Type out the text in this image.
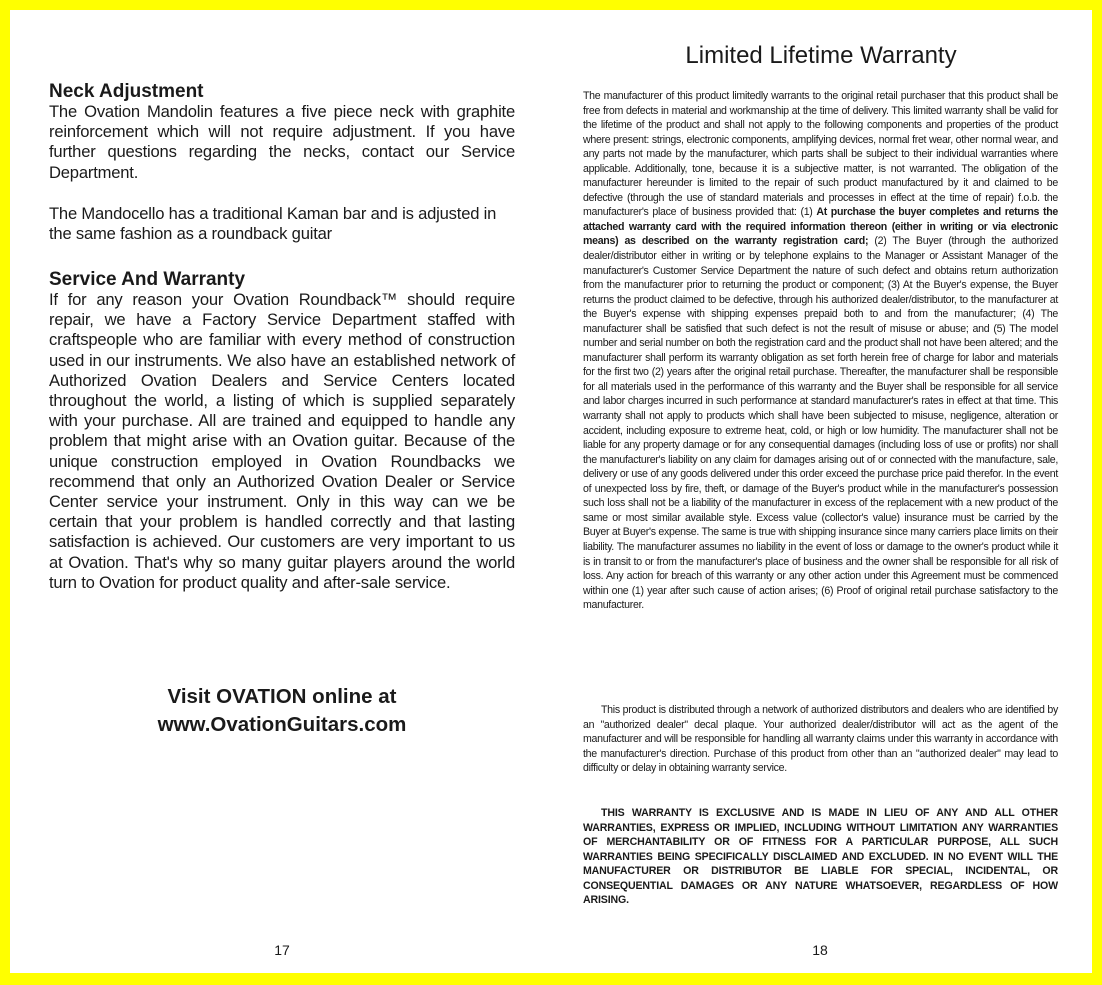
Neck Adjustment

The Ovation Mandolin features a five piece neck with graphite reinforcement which will not require adjustment. If you have further questions regarding the necks, contact our Service Department.

The Mandocello has a traditional Kaman bar and is adjusted in the same fashion as a roundback guitar

Service And Warranty

If for any reason your Ovation Roundback™ should require repair, we have a Factory Service Department staffed with craftspeople who are familiar with every method of construction used in our instruments. We also have an established network of Authorized Ovation Dealers and Service Centers located throughout the world, a listing of which is supplied separately with your purchase. All are trained and equipped to handle any problem that might arise with an Ovation guitar. Because of the unique construction employed in Ovation Roundbacks we recommend that only an Authorized Ovation Dealer or Service Center service your instrument. Only in this way can we be certain that your problem is handled correctly and that lasting satisfaction is achieved. Our customers are very important to us at Ovation. That's why so many guitar players around the world turn to Ovation for product quality and after-sale service.

Visit OVATION online at
www.OvationGuitars.com
17
Limited Lifetime Warranty

The manufacturer of this product limitedly warrants to the original retail purchaser that this product shall be free from defects in material and workmanship at the time of delivery. This limited warranty shall be valid for the lifetime of the product and shall not apply to the following components and properties of the product where present: strings, electronic components, amplifying devices, normal fret wear, other normal wear, and any parts not made by the manufacturer, which parts shall be subject to their individual warranties where applicable. Additionally, tone, because it is a subjective matter, is not warranted. The obligation of the manufacturer hereunder is limited to the repair of such product manufactured by it and claimed to be defective (through the use of standard materials and processes in effect at the time of repair) f.o.b. the manufacturer's place of business provided that: (1) At purchase the buyer completes and returns the attached warranty card with the required information thereon (either in writing or via electronic means) as described on the warranty registration card; (2) The Buyer (through the authorized dealer/distributor either in writing or by telephone explains to the Manager or Assistant Manager of the manufacturer's Customer Service Department the nature of such defect and obtains return authorization from the manufacturer prior to returning the product or component; (3) At the Buyer's expense, the Buyer returns the product claimed to be defective, through his authorized dealer/distributor, to the manufacturer at the Buyer's expense with shipping expenses prepaid both to and from the manufacturer; (4) The manufacturer shall be satisfied that such defect is not the result of misuse or abuse; and (5) The model number and serial number on both the registration card and the product shall not have been altered; and the manufacturer shall perform its warranty obligation as set forth herein free of charge for labor and materials for the first two (2) years after the original retail purchase. Thereafter, the manufacturer shall be responsible for all materials used in the performance of this warranty and the Buyer shall be responsible for all service and labor charges incurred in such performance at standard manufacturer's rates in effect at that time. This warranty shall not apply to products which shall have been subjected to misuse, negligence, alteration or accident, including exposure to extreme heat, cold, or high or low humidity. The manufacturer shall not be liable for any property damage or for any consequential damages (including loss of use or profits) nor shall the manufacturer's liability on any claim for damages arising out of or connected with the manufacture, sale, delivery or use of any goods delivered under this order exceed the purchase price paid therefor. In the event of unexpected loss by fire, theft, or damage of the Buyer's product while in the manufacturer's possession such loss shall not be a liability of the manufacturer in excess of the replacement with a new product of the same or most similar available style. Excess value (collector's value) insurance must be carried by the Buyer at Buyer's expense. The same is true with shipping insurance since many carriers place limits on their liability. The manufacturer assumes no liability in the event of loss or damage to the owner's product while it is in transit to or from the manufacturer's place of business and the owner shall be responsible for all risk of loss. Any action for breach of this warranty or any other action under this Agreement must be commenced within one (1) year after such cause of action arises; (6) Proof of original retail purchase satisfactory to the manufacturer.

This product is distributed through a network of authorized distributors and dealers who are identified by an "authorized dealer" decal plaque. Your authorized dealer/distributor will act as the agent of the manufacturer and will be responsible for handling all warranty claims under this warranty in accordance with the manufacturer's direction. Purchase of this product from other than an "authorized dealer" may lead to difficulty or delay in obtaining warranty service.

THIS WARRANTY IS EXCLUSIVE AND IS MADE IN LIEU OF ANY AND ALL OTHER WARRANTIES, EXPRESS OR IMPLIED, INCLUDING WITHOUT LIMITATION ANY WARRANTIES OF MERCHANTABILITY OR OF FITNESS FOR A PARTICULAR PURPOSE, ALL SUCH WARRANTIES BEING SPECIFICALLY DISCLAIMED AND EXCLUDED. IN NO EVENT WILL THE MANUFACTURER OR DISTRIBUTOR BE LIABLE FOR SPECIAL, INCIDENTAL, OR CONSEQUENTIAL DAMAGES OR ANY NATURE WHATSOEVER, REGARDLESS OF HOW ARISING.

18
